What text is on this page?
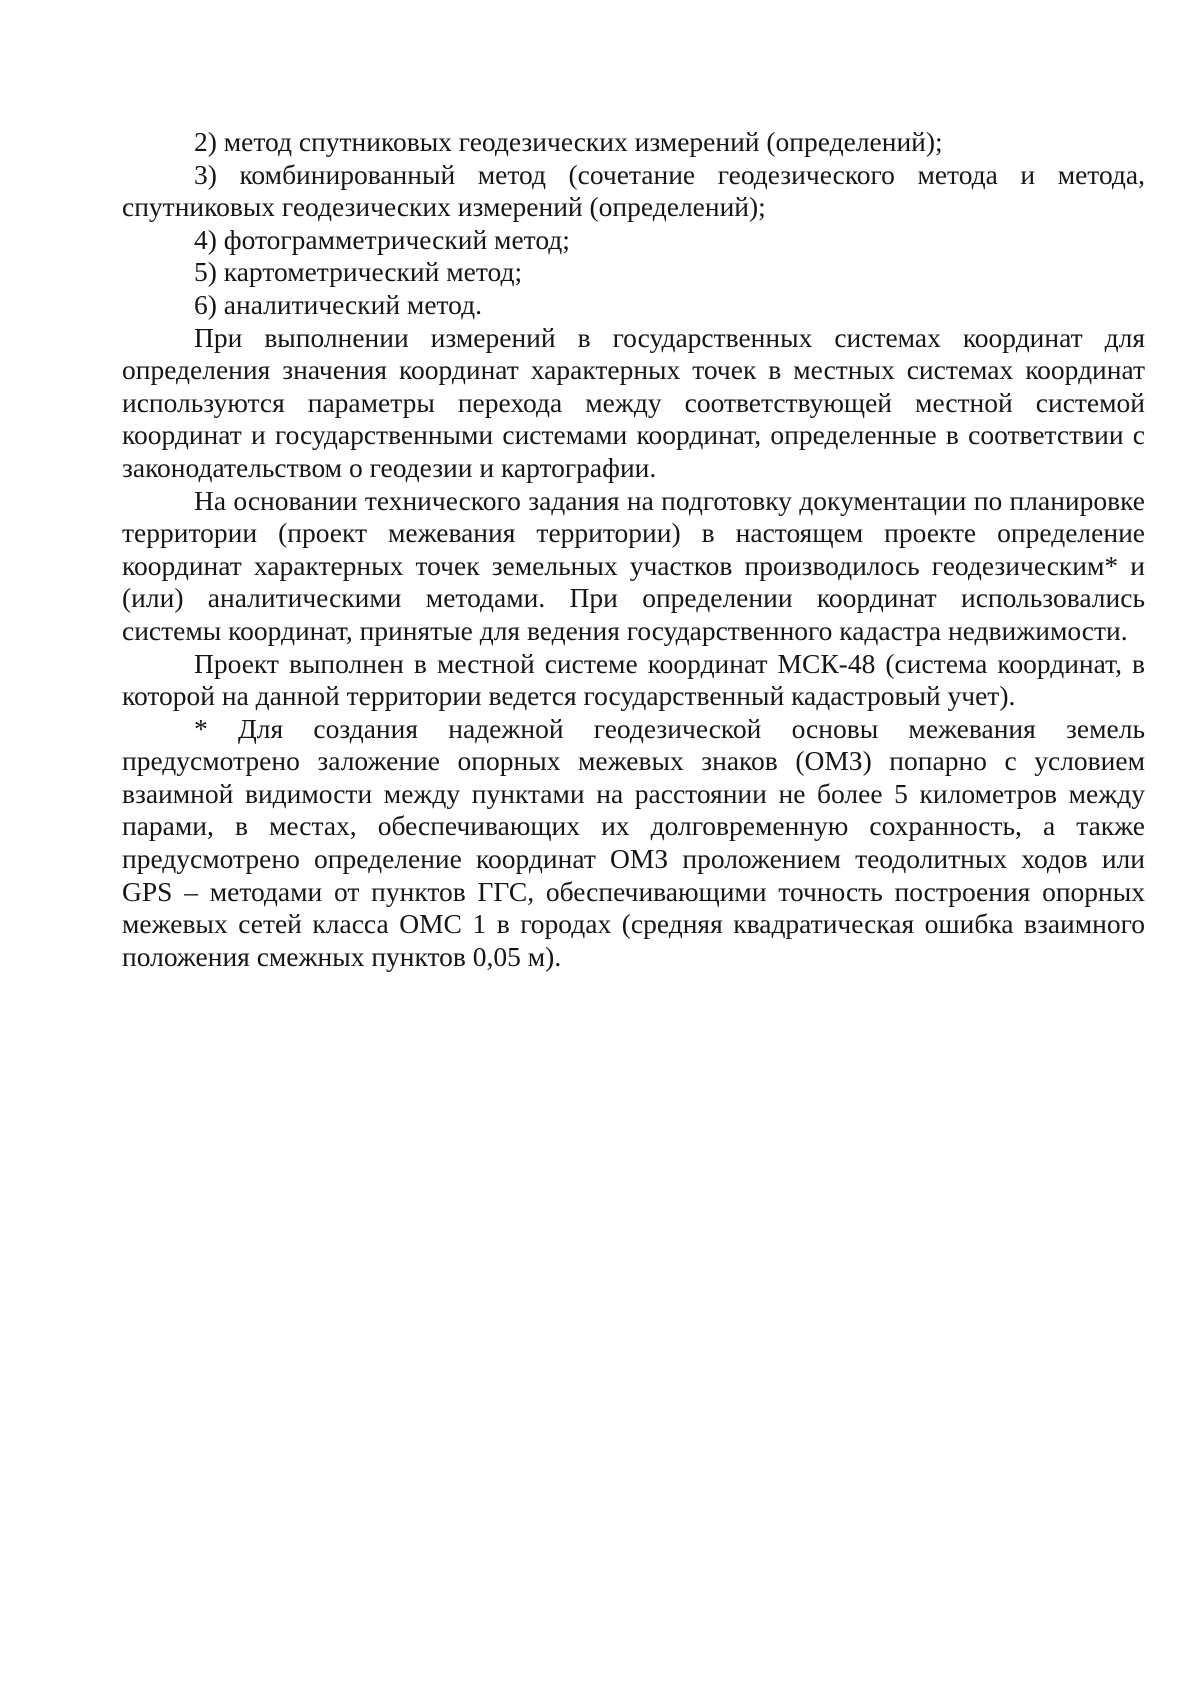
2) метод спутниковых геодезических измерений (определений);

3) комбинированный метод (сочетание геодезического метода и метода, спутниковых геодезических измерений (определений);

4) фотограмметрический метод;

5) картометрический метод;

6) аналитический метод.

При выполнении измерений в государственных системах координат для определения значения координат характерных точек в местных системах координат используются параметры перехода между соответствующей местной системой координат и государственными системами координат, определенные в соответствии с законодательством о геодезии и картографии.

На основании технического задания на подготовку документации по планировке территории (проект межевания территории) в настоящем проекте определение координат характерных точек земельных участков производилось геодезическим* и (или) аналитическими методами. При определении координат использовались системы координат, принятые для ведения государственного кадастра недвижимости.

Проект выполнен в местной системе координат МСК-48 (система координат, в которой на данной территории ведется государственный кадастровый учет).

* Для создания надежной геодезической основы межевания земель предусмотрено заложение опорных межевых знаков (ОМЗ) попарно с условием взаимной видимости между пунктами на расстоянии не более 5 километров между парами, в местах, обеспечивающих их долговременную сохранность, а также предусмотрено определение координат ОМЗ проложением теодолитных ходов или GPS – методами от пунктов ГГС, обеспечивающими точность построения опорных межевых сетей класса ОМС 1 в городах (средняя квадратическая ошибка взаимного положения смежных пунктов 0,05 м).
